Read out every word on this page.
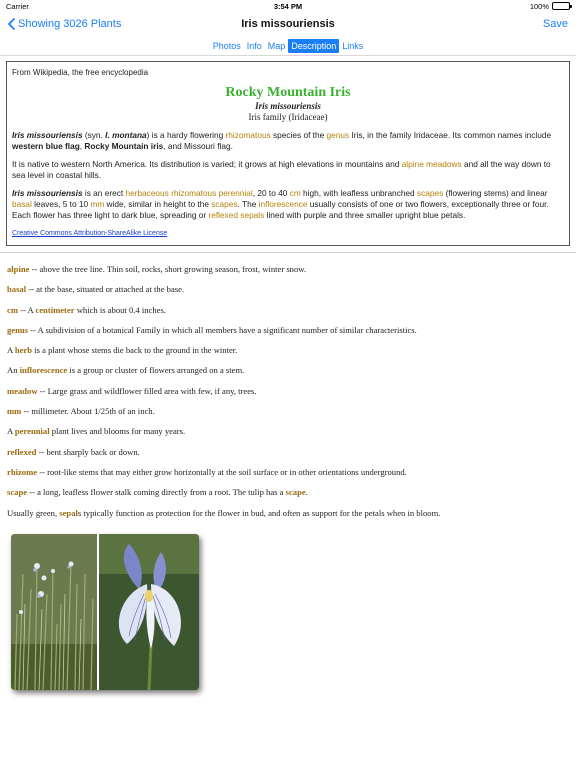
Carrier	3:54 PM	100%
Showing 3026 Plants	Iris missouriensis	Save
Photos Info Map Description Links
From Wikipedia, the free encyclopedia
Rocky Mountain Iris
Iris missouriensis
Iris family (Iridaceae)

Iris missouriensis (syn. I. montana) is a hardy flowering rhizomatous species of the genus Iris, in the family Iridaceae. Its common names include western blue flag, Rocky Mountain iris, and Missouri flag.

It is native to western North America. Its distribution is varied; it grows at high elevations in mountains and alpine meadows and all the way down to sea level in coastal hills.

Iris missouriensis is an erect herbaceous rhizomatous perennial, 20 to 40 cm high, with leafless unbranched scapes (flowering stems) and linear basal leaves, 5 to 10 mm wide, similar in height to the scapes. The inflorescence usually consists of one or two flowers, exceptionally three or four. Each flower has three light to dark blue, spreading or reflexed sepals lined with purple and three smaller upright blue petals.

Creative Commons Attribution-ShareAlike License
alpine -- above the tree line. Thin soil, rocks, short growing season, frost, winter snow.
basal -- at the base, situated or attached at the base.
cm -- A centimeter which is about 0.4 inches.
genus -- A subdivision of a botanical Family in which all members have a significant number of similar characteristics.
A herb is a plant whose stems die back to the ground in the winter.
An inflorescence is a group or cluster of flowers arranged on a stem.
meadow -- Large grass and wildflower filled area with few, if any, trees.
mm -- millimeter. About 1/25th of an inch.
A perennial plant lives and blooms for many years.
reflexed -- bent sharply back or down.
rhizome -- root-like stems that may either grow horizontally at the soil surface or in other orientations underground.
scape -- a long, leafless flower stalk coming directly from a root. The tulip has a scape.
Usually green, sepals typically function as protection for the flower in bud, and often as support for the petals when in bloom.
